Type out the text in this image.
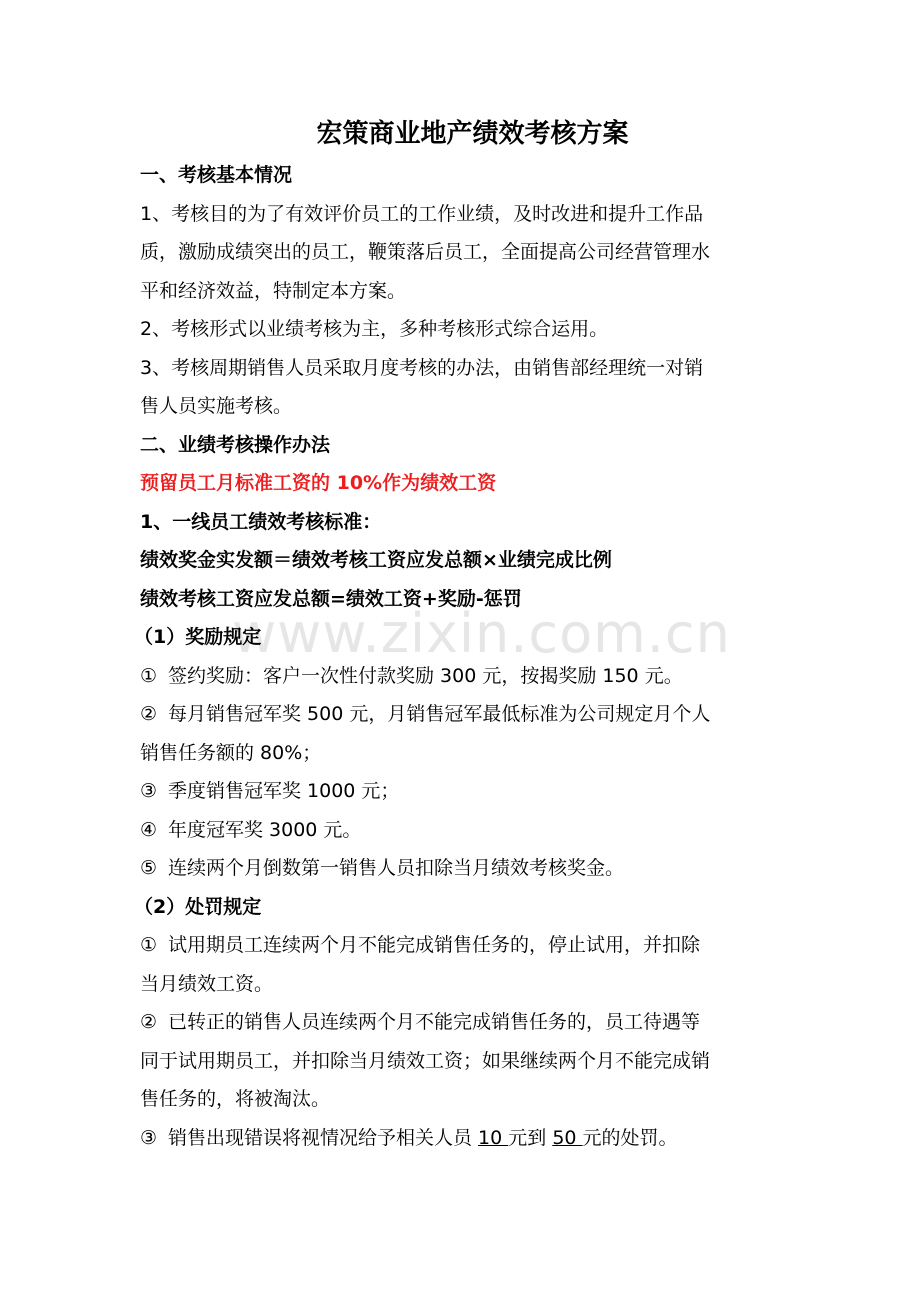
www.zixin.com.cn
宏策商业地产绩效考核方案

一、考核基本情况

1、考核目的为了有效评价员工的工作业绩，及时改进和提升工作品

质，激励成绩突出的员工，鞭策落后员工，全面提高公司经营管理水

平和经济效益，特制定本方案。

2、考核形式以业绩考核为主，多种考核形式综合运用。

3、考核周期销售人员采取月度考核的办法，由销售部经理统一对销

售人员实施考核。

二、业绩考核操作办法

预留员工月标准工资的 10%作为绩效工资

1、一线员工绩效考核标准：

绩效奖金实发额＝绩效考核工资应发总额×业绩完成比例

绩效考核工资应发总额=绩效工资+奖励-惩罚

（1）奖励规定

① 签约奖励：客户一次性付款奖励 300 元，按揭奖励 150 元。

② 每月销售冠军奖 500 元，月销售冠军最低标准为公司规定月个人

销售任务额的 80%；

③ 季度销售冠军奖 1000 元；

④ 年度冠军奖 3000 元。

⑤ 连续两个月倒数第一销售人员扣除当月绩效考核奖金。

（2）处罚规定

① 试用期员工连续两个月不能完成销售任务的，停止试用，并扣除

当月绩效工资。

② 已转正的销售人员连续两个月不能完成销售任务的，员工待遇等

同于试用期员工，并扣除当月绩效工资；如果继续两个月不能完成销

售任务的，将被淘汰。

③ 销售出现错误将视情况给予相关人员 10 元到 50 元的处罚。
